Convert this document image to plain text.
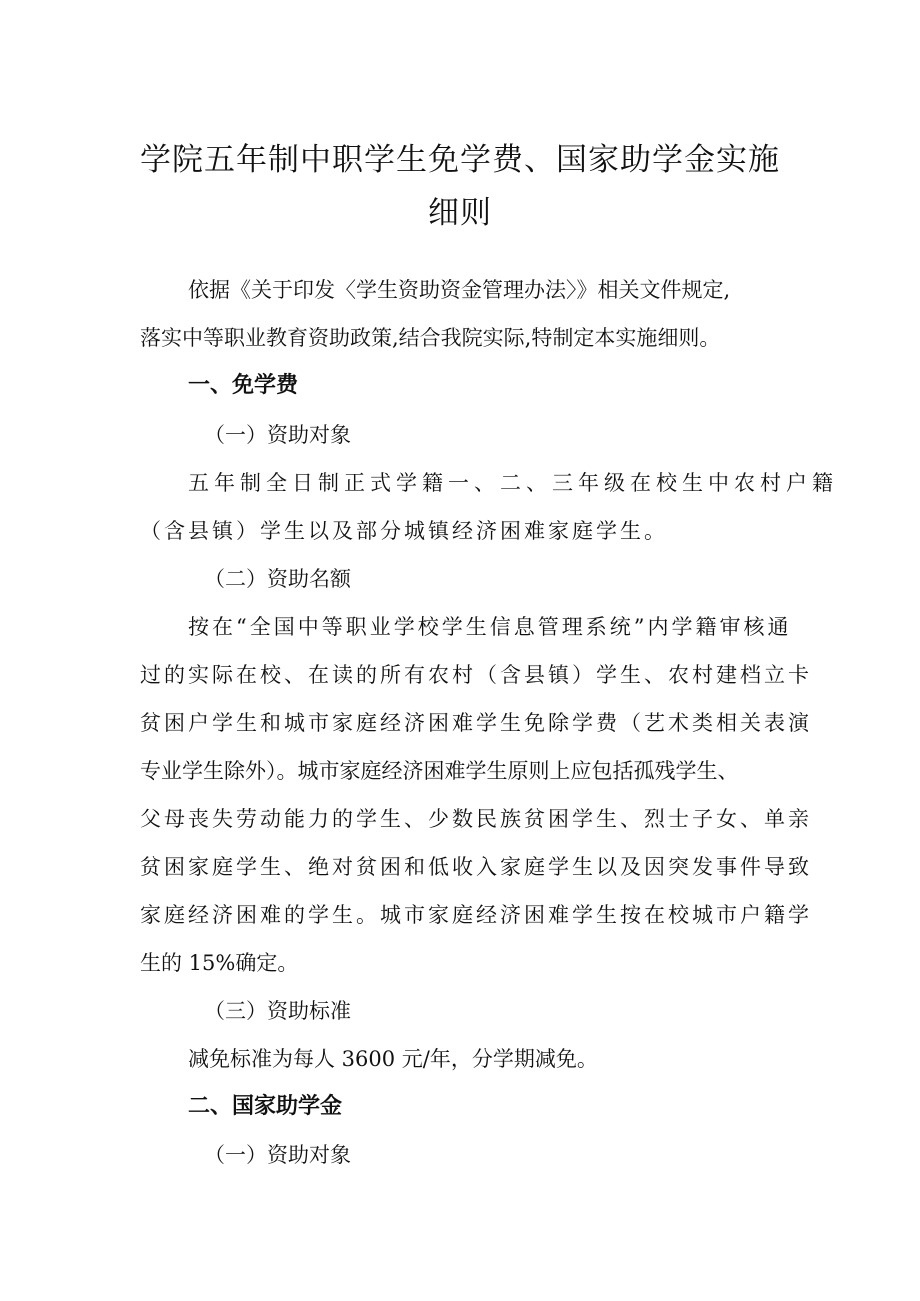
学院五年制中职学生免学费、国家助学金实施
细则

依据《关于印发〈学生资助资金管理办法〉》相关文件规定,

落实中等职业教育资助政策,结合我院实际,特制定本实施细则。

一、免学费

（一）资助对象

五年制全日制正式学籍一、二、三年级在校生中农村户籍

（含县镇）学生以及部分城镇经济困难家庭学生。

（二）资助名额

按在“全国中等职业学校学生信息管理系统”内学籍审核通

过的实际在校、在读的所有农村（含县镇）学生、农村建档立卡

贫困户学生和城市家庭经济困难学生免除学费（艺术类相关表演

专业学生除外）。城市家庭经济困难学生原则上应包括孤残学生、

父母丧失劳动能力的学生、少数民族贫困学生、烈士子女、单亲

贫困家庭学生、绝对贫困和低收入家庭学生以及因突发事件导致

家庭经济困难的学生。城市家庭经济困难学生按在校城市户籍学

生的 15%确定。

（三）资助标准

减免标准为每人 3600 元/年，分学期减免。

二、国家助学金

（一）资助对象
